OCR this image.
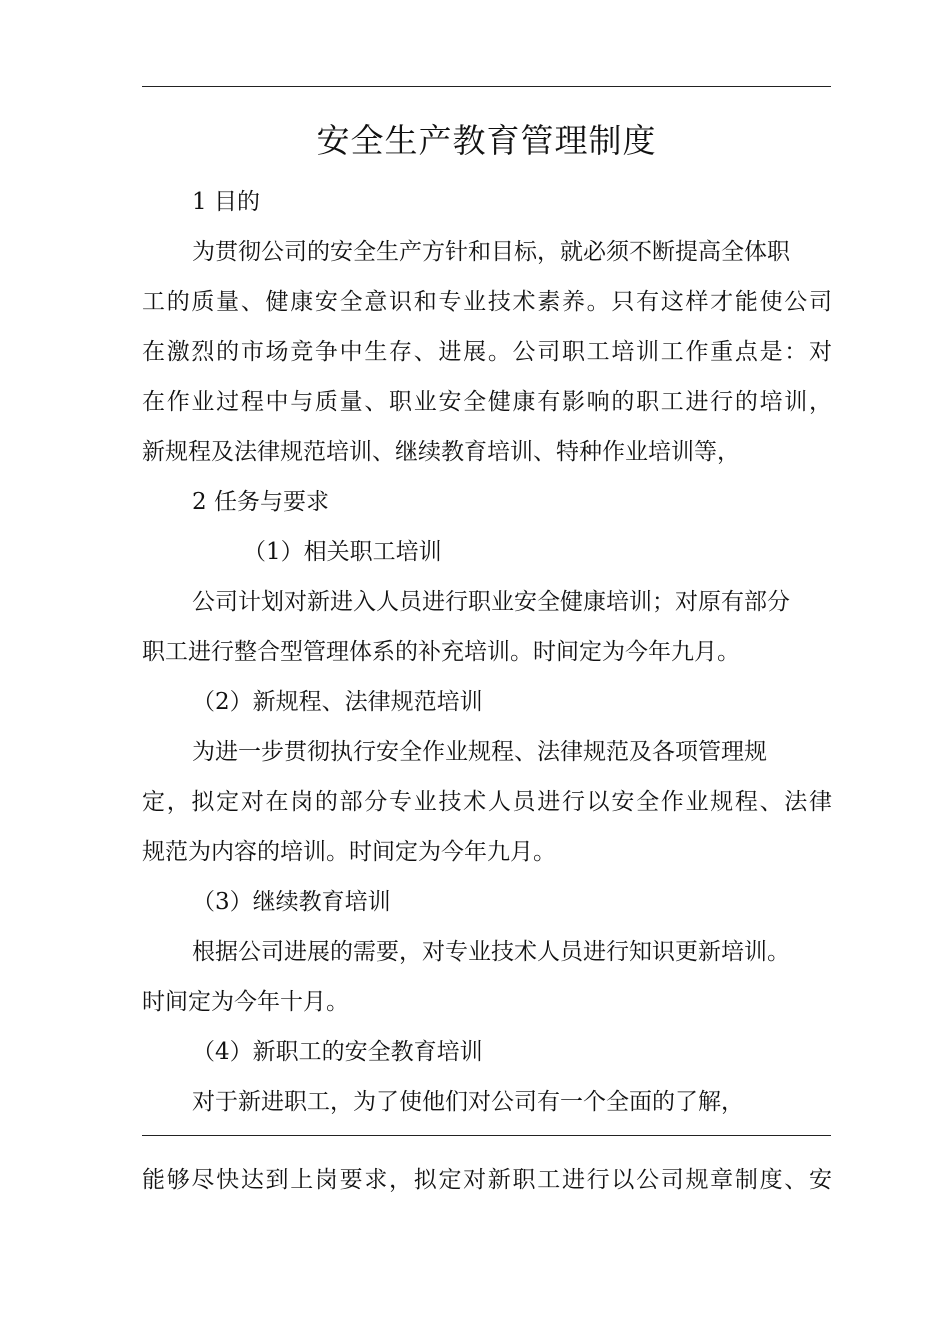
安全生产教育管理制度
1 目的
为贯彻公司的安全生产方针和目标，就必须不断提高全体职
工的质量、健康安全意识和专业技术素养。只有这样才能使公司
在激烈的市场竞争中生存、进展。公司职工培训工作重点是：对
在作业过程中与质量、职业安全健康有影响的职工进行的培训，
新规程及法律规范培训、继续教育培训、特种作业培训等，
2 任务与要求
（1）相关职工培训
公司计划对新进入人员进行职业安全健康培训；对原有部分
职工进行整合型管理体系的补充培训。时间定为今年九月。
（2）新规程、法律规范培训
为进一步贯彻执行安全作业规程、法律规范及各项管理规
定，拟定对在岗的部分专业技术人员进行以安全作业规程、法律
规范为内容的培训。时间定为今年九月。
（3）继续教育培训
根据公司进展的需要，对专业技术人员进行知识更新培训。
时间定为今年十月。
（4）新职工的安全教育培训
对于新进职工，为了使他们对公司有一个全面的了解，
能够尽快达到上岗要求，拟定对新职工进行以公司规章制度、安
